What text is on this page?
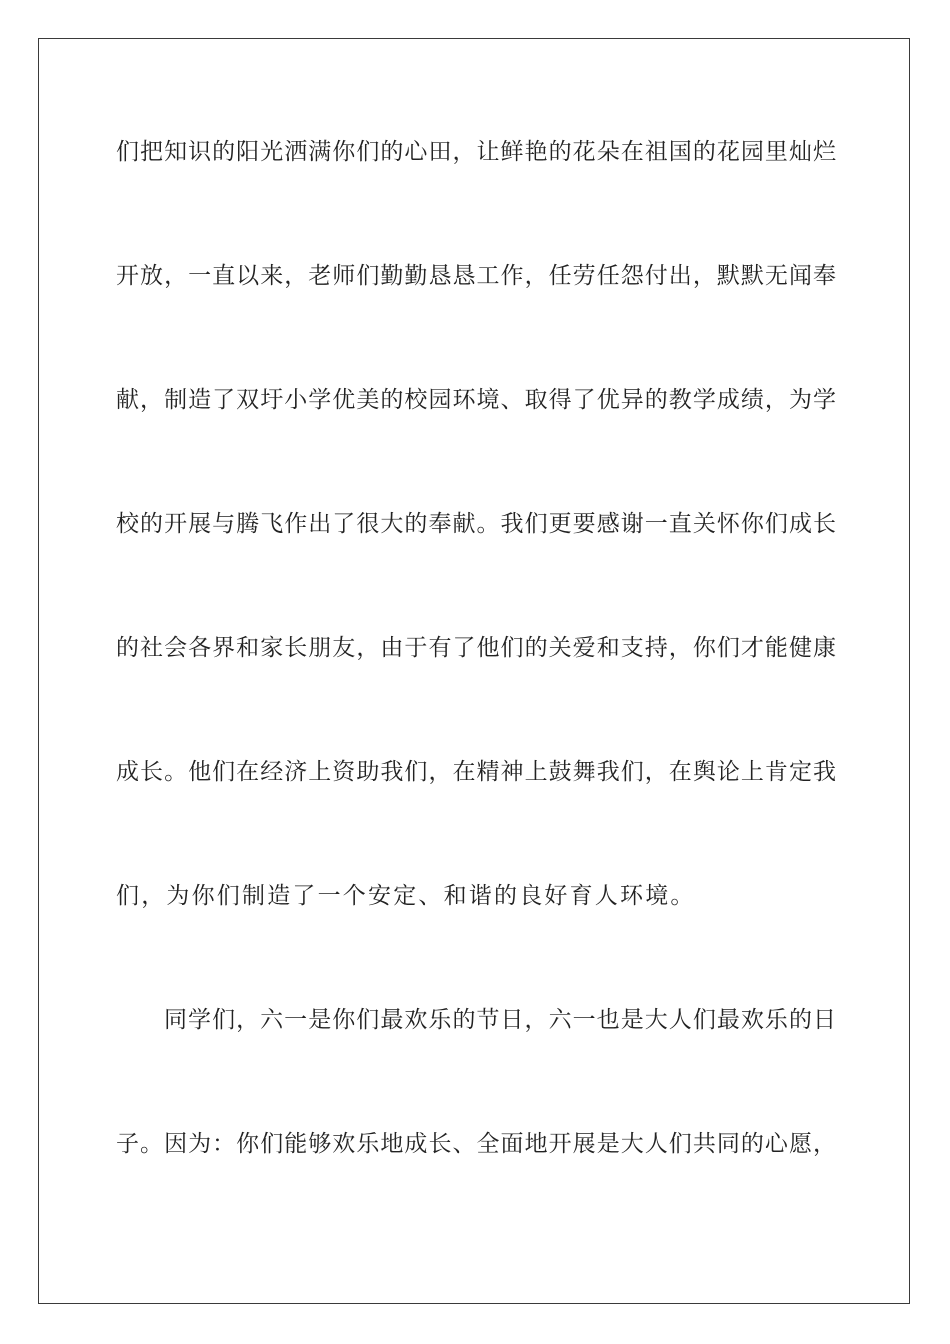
们把知识的阳光洒满你们的心田，让鲜艳的花朵在祖国的花园里灿烂

开放，一直以来，老师们勤勤恳恳工作，任劳任怨付出，默默无闻奉

献，制造了双圩小学优美的校园环境、取得了优异的教学成绩，为学

校的开展与腾飞作出了很大的奉献。我们更要感谢一直关怀你们成长

的社会各界和家长朋友，由于有了他们的关爱和支持，你们才能健康

成长。他们在经济上资助我们，在精神上鼓舞我们，在舆论上肯定我

们，为你们制造了一个安定、和谐的良好育人环境。

同学们，六一是你们最欢乐的节日，六一也是大人们最欢乐的日

子。因为：你们能够欢乐地成长、全面地开展是大人们共同的心愿，
